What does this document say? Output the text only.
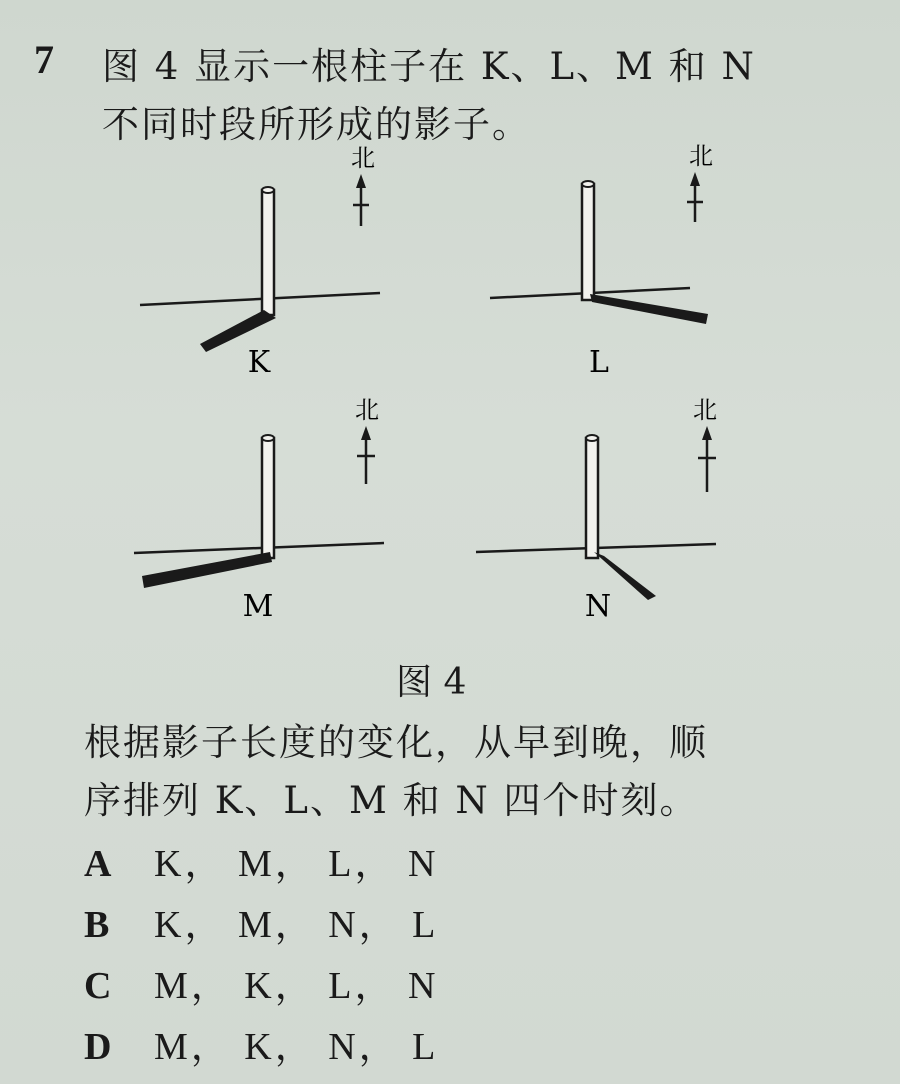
7 图 4 显示一根柱子在 K、L、M 和 N
不同时段所形成的影子。
K
北
L
北
M
北
N
北
图 4
根据影子长度的变化，从早到晚，顺
序排列 K、L、M 和 N 四个时刻。
A	K， M， L， N
B	K， M， N， L
C	M， K， L， N
D	M， K， N， L
